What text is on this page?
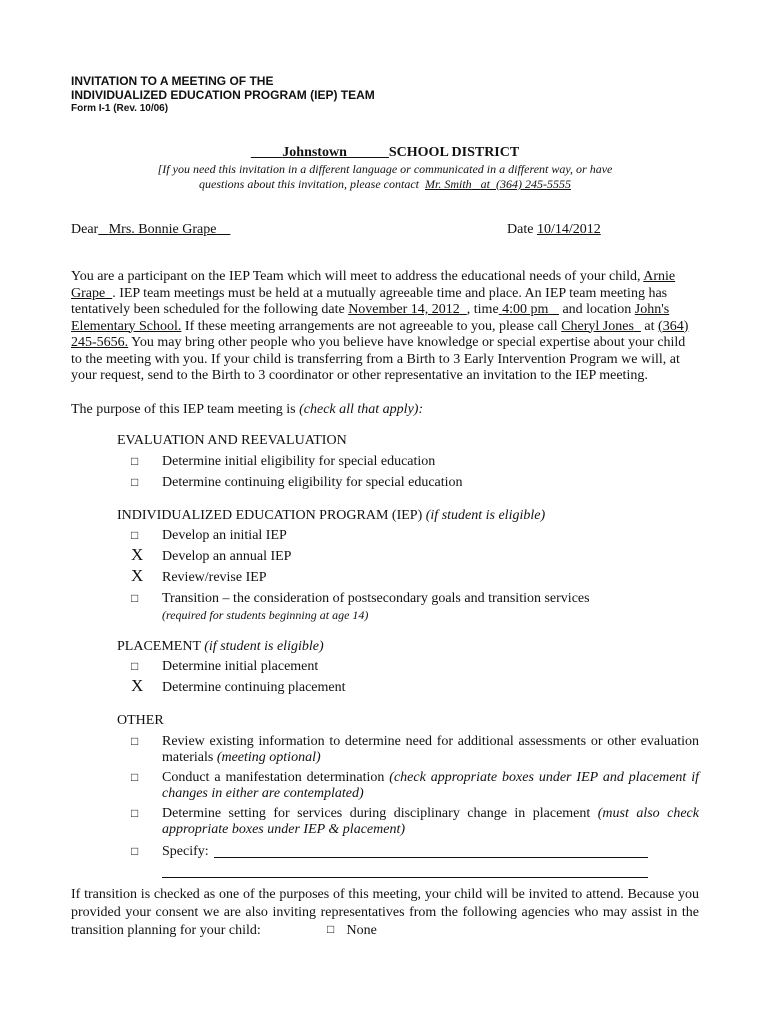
INVITATION TO A MEETING OF THE
INDIVIDUALIZED EDUCATION PROGRAM (IEP) TEAM
Form I-1 (Rev. 10/06)
Johnstown	SCHOOL DISTRICT
[If you need this invitation in a different language or communicated in a different way, or have
questions about this invitation, please contact Mr. Smith at (364) 245-5555
Dear Mrs. Bonnie Grape	Date 10/14/2012
You are a participant on the IEP Team which will meet to address the educational needs of your child, Arnie Grape . IEP team meetings must be held at a mutually agreeable time and place. An IEP team meeting has tentatively been scheduled for the following date November 14, 2012 , time 4:00 pm and location John's Elementary School. If these meeting arrangements are not agreeable to you, please call Cheryl Jones at (364) 245-5656. You may bring other people who you believe have knowledge or special expertise about your child to the meeting with you. If your child is transferring from a Birth to 3 Early Intervention Program we will, at your request, send to the Birth to 3 coordinator or other representative an invitation to the IEP meeting.
The purpose of this IEP team meeting is (check all that apply):
EVALUATION AND REEVALUATION
□	Determine initial eligibility for special education
□	Determine continuing eligibility for special education
INDIVIDUALIZED EDUCATION PROGRAM (IEP) (if student is eligible)
□	Develop an initial IEP
X Develop an annual IEP
X Review/revise IEP
□	Transition – the consideration of postsecondary goals and transition services
(required for students beginning at age 14)
PLACEMENT (if student is eligible)
□	Determine initial placement
X Determine continuing placement
OTHER
□	Review existing information to determine need for additional assessments or other evaluation materials (meeting optional)
□	Conduct a manifestation determination (check appropriate boxes under IEP and placement if changes in either are contemplated)
□	Determine setting for services during disciplinary change in placement (must also check appropriate boxes under IEP & placement)
□	Specify:
If transition is checked as one of the purposes of this meeting, your child will be invited to attend. Because you provided your consent we are also inviting representatives from the following agencies who may assist in the transition planning for your child:	□ None
